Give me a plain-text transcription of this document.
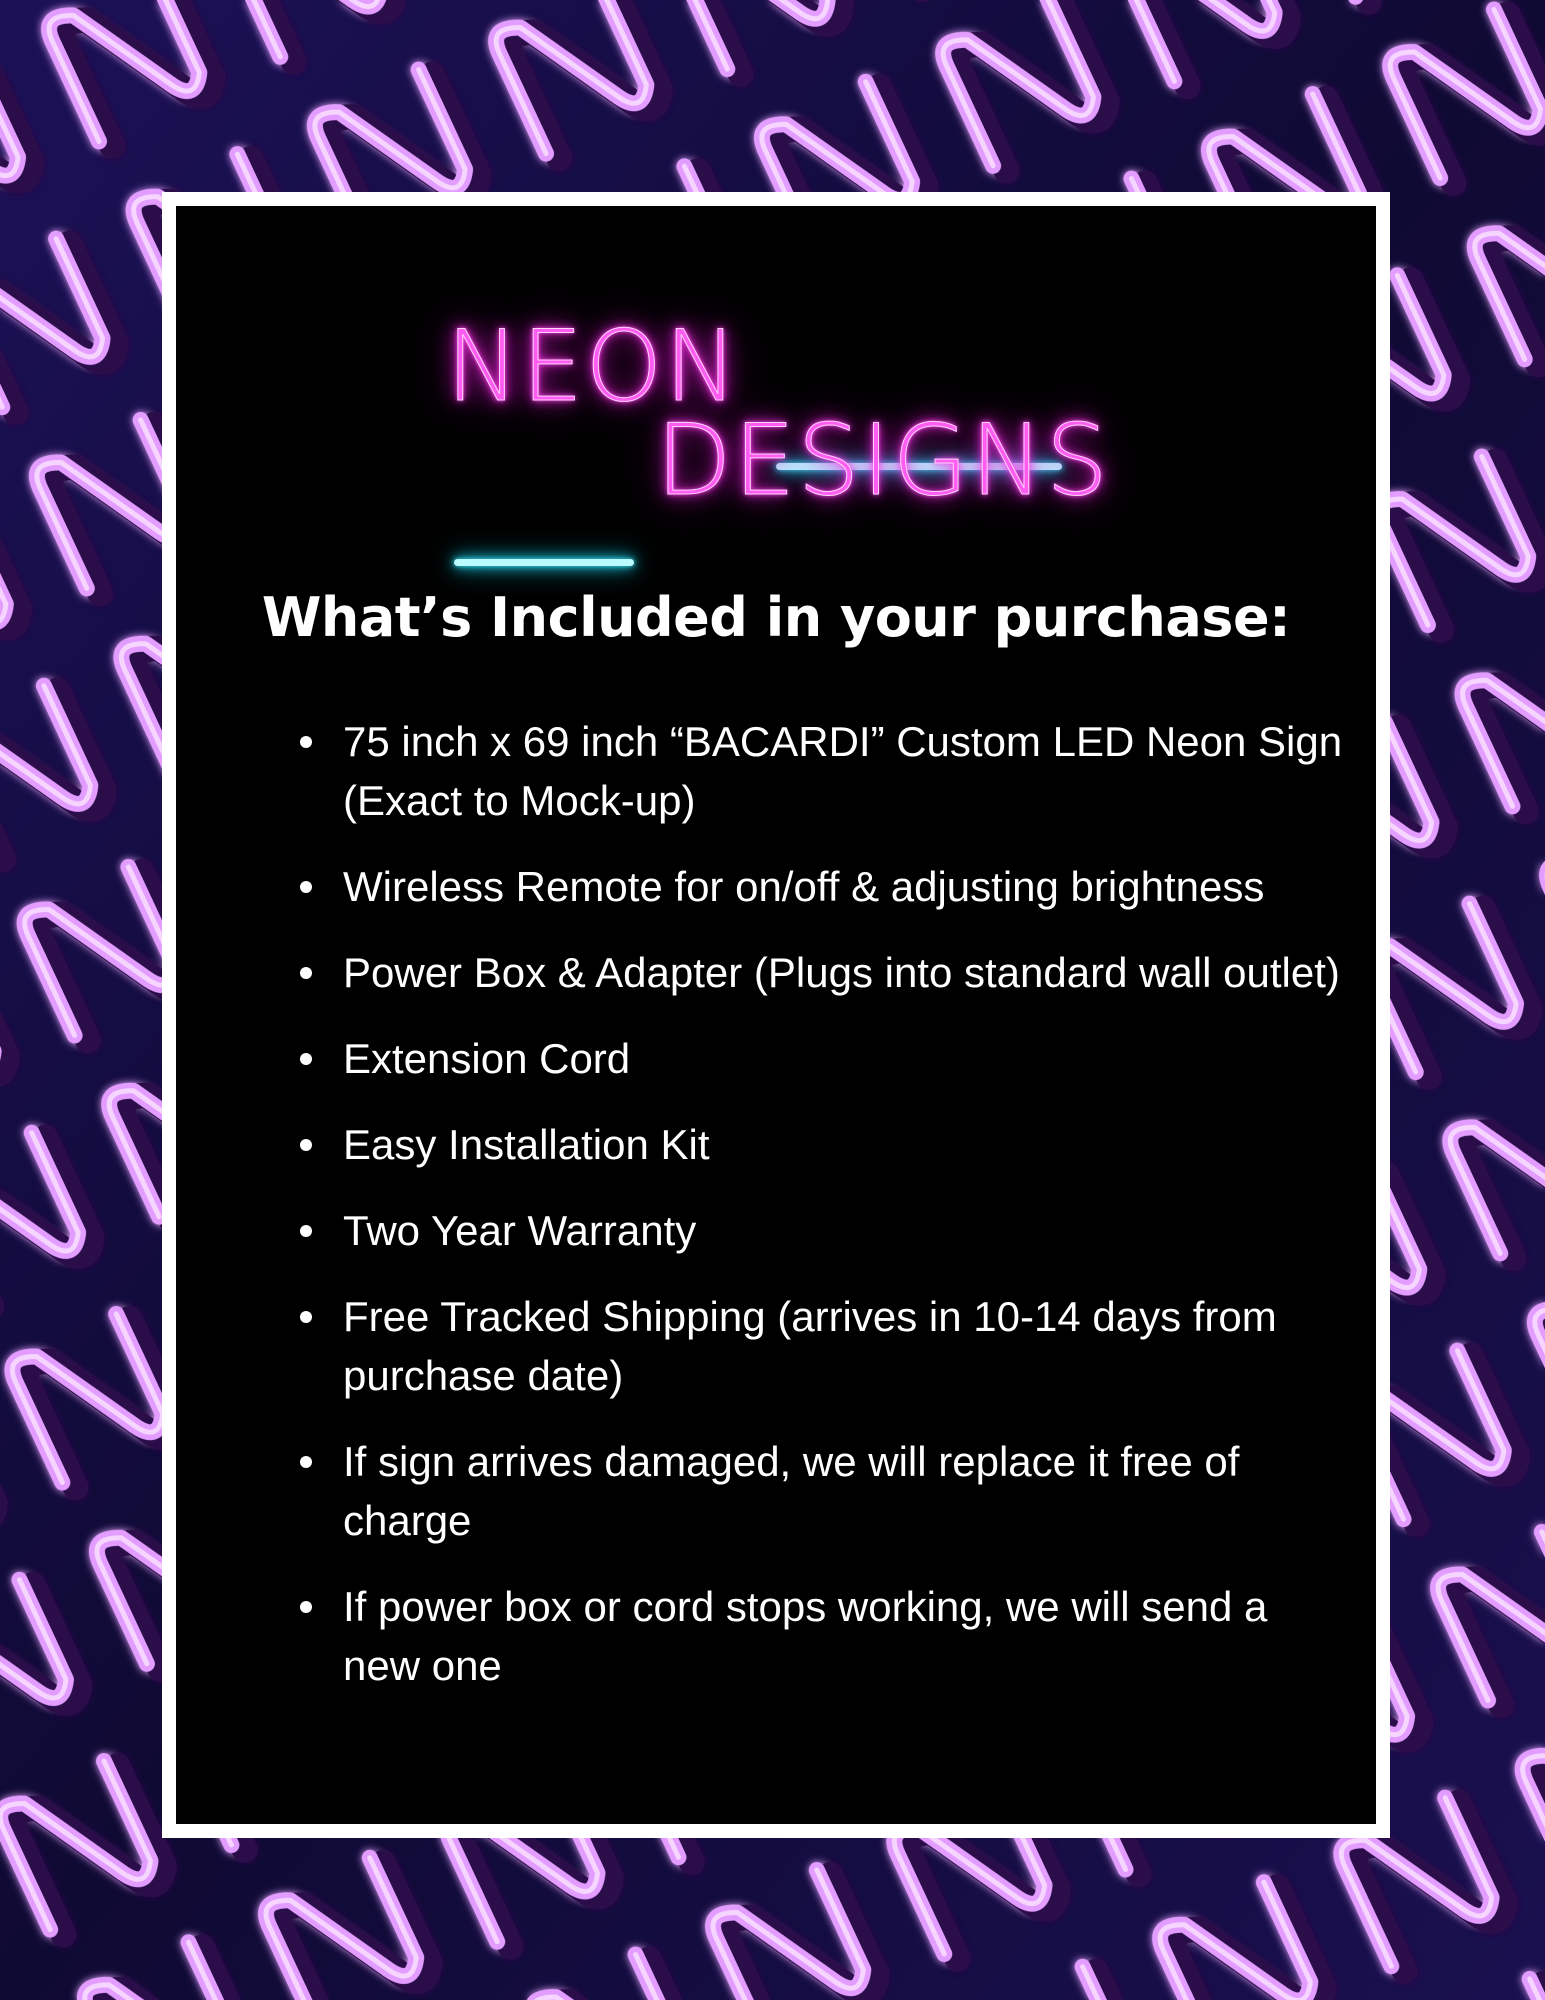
NEON
DESIGNS
What’s Included in your purchase:
75 inch x 69 inch “BACARDI” Custom LED Neon Sign (Exact to Mock-up)
Wireless Remote for on/off & adjusting brightness
Power Box & Adapter (Plugs into standard wall outlet)
Extension Cord
Easy Installation Kit
Two Year Warranty
Free Tracked Shipping (arrives in 10-14 days from purchase date)
If sign arrives damaged, we will replace it free of charge
If power box or cord stops working, we will send a new one
